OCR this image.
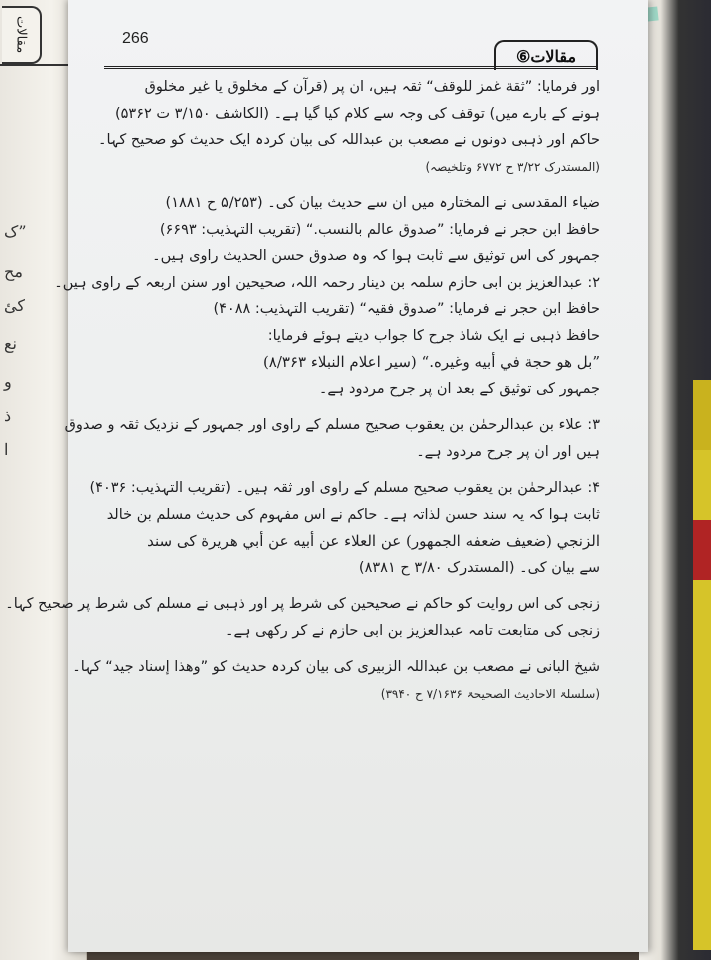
مقالات
”ک
مح
کئ
نع
و
ذ
ا
266
مقالات⑥
اور فرمایا: ”ثقة غمز للوقف“ ثقہ ہیں، ان پر (قرآن کے مخلوق یا غیر مخلوق
ہونے کے بارے میں) توقف کی وجہ سے کلام کیا گیا ہے۔ (الکاشف ۳/۱۵۰ ت ۵۳۶۲)
حاکم اور ذہبی دونوں نے مصعب بن عبداللہ کی بیان کردہ ایک حدیث کو صحیح کہا۔
(المستدرک ۳/۲۲ ح ۶۷۷۲ وتلخیصہ)
ضیاء المقدسی نے المختارہ میں ان سے حدیث بیان کی۔ (۵/۲۵۳ ح ۱۸۸۱)
حافظ ابن حجر نے فرمایا: ”صدوق عالم بالنسب.“ (تقریب التہذیب: ۶۶۹۳)
جمہور کی اس توثیق سے ثابت ہوا کہ وہ صدوق حسن الحدیث راوی ہیں۔
۲: عبدالعزیز بن ابی حازم سلمہ بن دینار رحمہ اللہ، صحیحین اور سنن اربعہ کے راوی ہیں۔
حافظ ابن حجر نے فرمایا: ”صدوق فقیہ“ (تقریب التہذیب: ۴۰۸۸)
حافظ ذہبی نے ایک شاذ جرح کا جواب دیتے ہوئے فرمایا:
”بل هو حجة في أبيه وغيره.“ (سیر اعلام النبلاء ۸/۳۶۳)
جمہور کی توثیق کے بعد ان پر جرح مردود ہے۔
۳: علاء بن عبدالرحمٰن بن یعقوب صحیح مسلم کے راوی اور جمہور کے نزدیک ثقہ و صدوق
ہیں اور ان پر جرح مردود ہے۔
۴: عبدالرحمٰن بن یعقوب صحیح مسلم کے راوی اور ثقہ ہیں۔ (تقریب التہذیب: ۴۰۳۶)
ثابت ہوا کہ یہ سند حسن لذاتہ ہے۔ حاکم نے اس مفہوم کی حدیث مسلم بن خالد
الزنجي (ضعيف ضعفه الجمهور) عن العلاء عن أبيه عن أبي هريرة کی سند
سے بیان کی۔ (المستدرک ۳/۸۰ ح ۸۳۸۱)
زنجی کی اس روایت کو حاکم نے صحیحین کی شرط پر اور ذہبی نے مسلم کی شرط پر صحیح کہا۔
زنجی کی متابعت تامہ عبدالعزیز بن ابی حازم نے کر رکھی ہے۔
شیخ البانی نے مصعب بن عبداللہ الزبیری کی بیان کردہ حدیث کو ”وهذا إسناد جيد“ کہا۔
(سلسلۃ الاحادیث الصحیحۃ ۷/۱۶۳۶ ح ۳۹۴۰)
